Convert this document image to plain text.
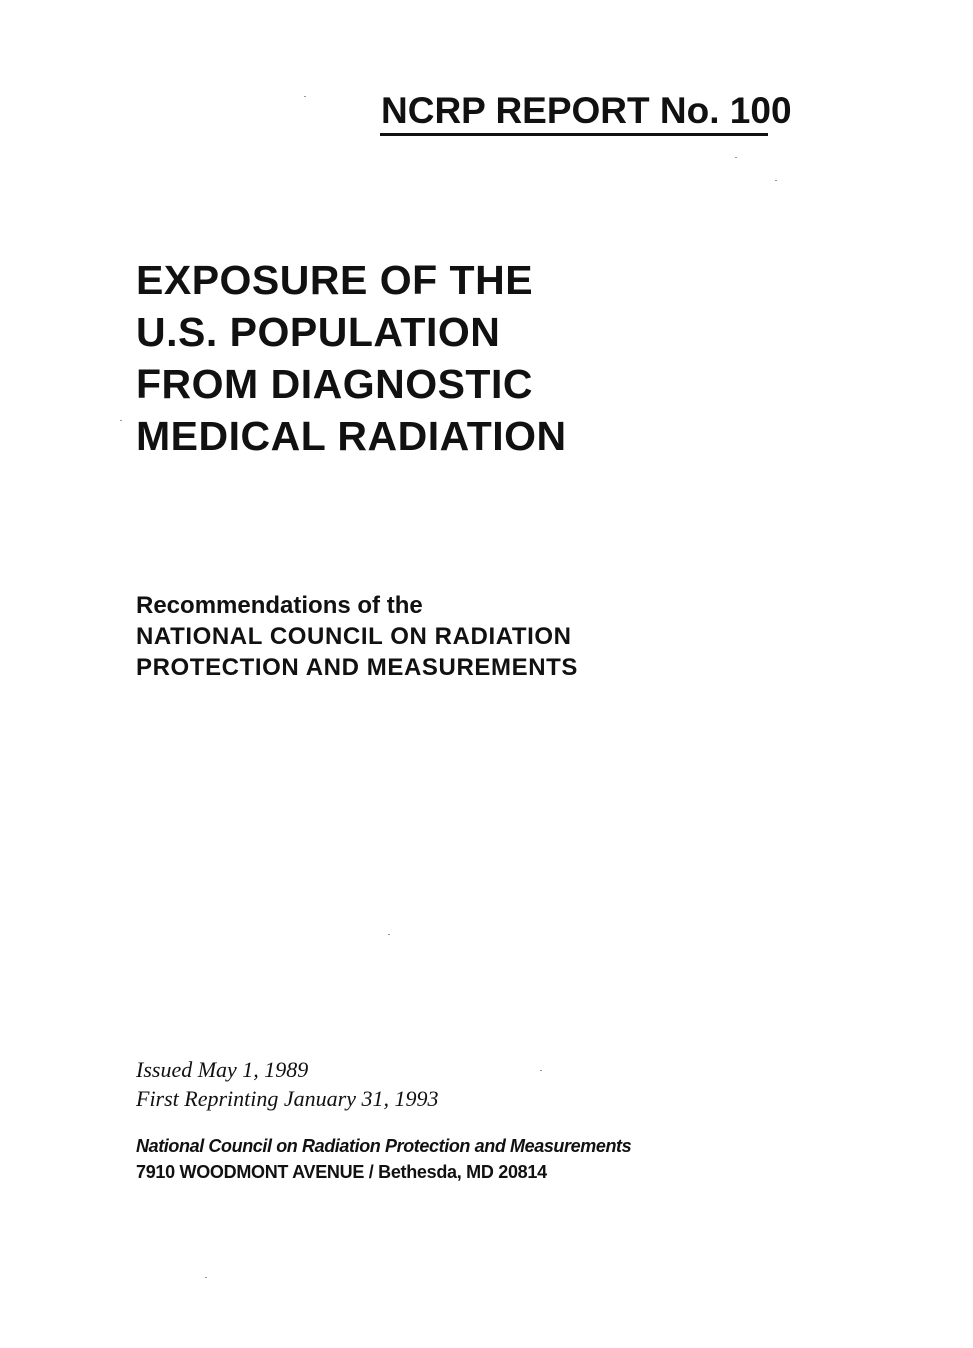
NCRP REPORT No. 100
EXPOSURE OF THE
U.S. POPULATION
FROM DIAGNOSTIC
MEDICAL RADIATION
Recommendations of the
NATIONAL COUNCIL ON RADIATION
PROTECTION AND MEASUREMENTS
Issued May 1, 1989
First Reprinting January 31, 1993
National Council on Radiation Protection and Measurements
7910 WOODMONT AVENUE / Bethesda, MD 20814
